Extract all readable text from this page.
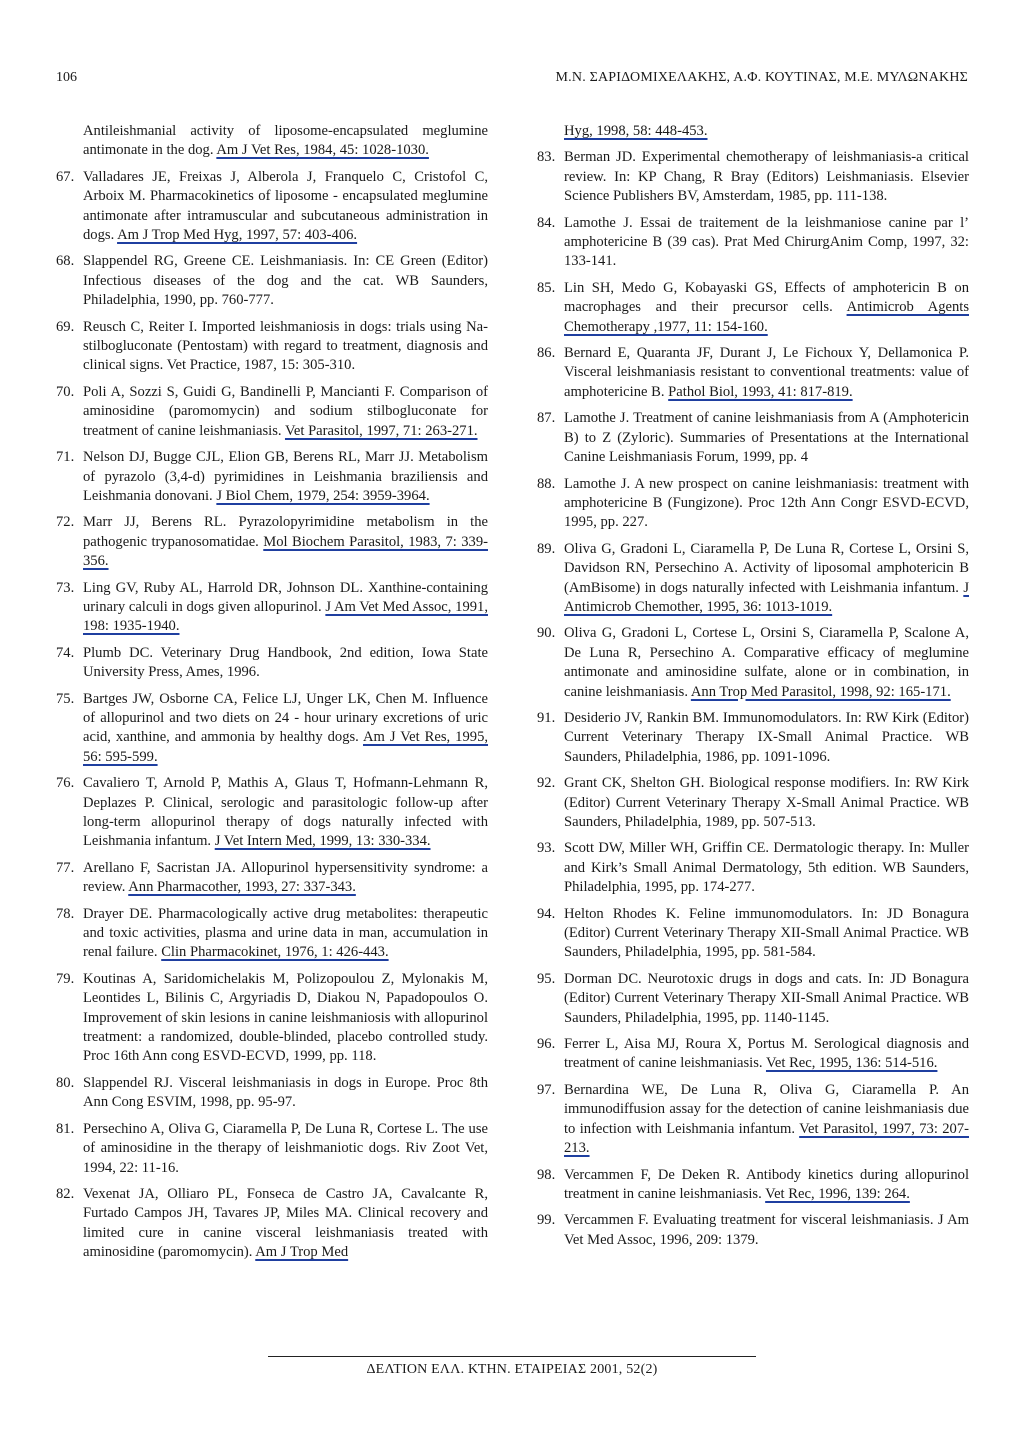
106	Μ.Ν. ΣΑΡΙΔΟΜΙΧΕΛΑΚΗΣ, Α.Φ. ΚΟΥΤΙΝΑΣ, Μ.Ε. ΜΥΛΩΝΑΚΗΣ

Antileishmanial activity of liposome-encapsulated meglumine antimonate in the dog. Am J Vet Res, 1984, 45: 1028-1030.

67. Valladares JE, Freixas J, Alberola J, Franquelo C, Cristofol C, Arboix M. Pharmacokinetics of liposome - encapsulated meglumine antimonate after intramuscular and subcutaneous administration in dogs. Am J Trop Med Hyg, 1997, 57: 403-406.

68. Slappendel RG, Greene CE. Leishmaniasis. In: CE Green (Editor) Infectious diseases of the dog and the cat. WB Saunders, Philadelphia, 1990, pp. 760-777.

69. Reusch C, Reiter I. Imported leishmaniosis in dogs: trials using Na-stilbogluconate (Pentostam) with regard to treatment, diagnosis and clinical signs. Vet Practice, 1987, 15: 305-310.

70. Poli A, Sozzi S, Guidi G, Bandinelli P, Mancianti F. Comparison of aminosidine (paromomycin) and sodium stilbogluconate for treatment of canine leishmaniasis. Vet Parasitol, 1997, 71: 263-271.

71. Nelson DJ, Bugge CJL, Elion GB, Berens RL, Marr JJ. Metabolism of pyrazolo (3,4-d) pyrimidines in Leishmania braziliensis and Leishmania donovani. J Biol Chem, 1979, 254: 3959-3964.

72. Marr JJ, Berens RL. Pyrazolopyrimidine metabolism in the pathogenic trypanosomatidae. Mol Biochem Parasitol, 1983, 7: 339-356.

73. Ling GV, Ruby AL, Harrold DR, Johnson DL. Xanthine-containing urinary calculi in dogs given allopurinol. J Am Vet Med Assoc, 1991, 198: 1935-1940.

74. Plumb DC. Veterinary Drug Handbook, 2nd edition, Iowa State University Press, Ames, 1996.

75. Bartges JW, Osborne CA, Felice LJ, Unger LK, Chen M. Influence of allopurinol and two diets on 24 - hour urinary excretions of uric acid, xanthine, and ammonia by healthy dogs. Am J Vet Res, 1995, 56: 595-599.

76. Cavaliero T, Arnold P, Mathis A, Glaus T, Hofmann-Lehmann R, Deplazes P. Clinical, serologic and parasitologic follow-up after long-term allopurinol therapy of dogs naturally infected with Leishmania infantum. J Vet Intern Med, 1999, 13: 330-334.

77. Arellano F, Sacristan JA. Allopurinol hypersensitivity syndrome: a review. Ann Pharmacother, 1993, 27: 337-343.

78. Drayer DE. Pharmacologically active drug metabolites: therapeutic and toxic activities, plasma and urine data in man, accumulation in renal failure. Clin Pharmacokinet, 1976, 1: 426-443.

79. Koutinas A, Saridomichelakis M, Polizopoulou Z, Mylonakis M, Leontides L, Bilinis C, Argyriadis D, Diakou N, Papadopoulos O. Improvement of skin lesions in canine leishmaniosis with allopurinol treatment: a randomized, double-blinded, placebo controlled study. Proc 16th Ann cong ESVD-ECVD, 1999, pp. 118.

80. Slappendel RJ. Visceral leishmaniasis in dogs in Europe. Proc 8th Ann Cong ESVIM, 1998, pp. 95-97.

81. Persechino A, Oliva G, Ciaramella P, De Luna R, Cortese L. The use of aminosidine in the therapy of leishmaniotic dogs. Riv Zoot Vet, 1994, 22: 11-16.

82. Vexenat JA, Olliaro PL, Fonseca de Castro JA, Cavalcante R, Furtado Campos JH, Tavares JP, Miles MA. Clinical recovery and limited cure in canine visceral leishmaniasis treated with aminosidine (paromomycin). Am J Trop Med

Hyg, 1998, 58: 448-453.

83. Berman JD. Experimental chemotherapy of leishmaniasis-a critical review. In: KP Chang, R Bray (Editors) Leishmaniasis. Elsevier Science Publishers BV, Amsterdam, 1985, pp. 111-138.

84. Lamothe J. Essai de traitement de la leishmaniose canine par l’ amphotericine B (39 cas). Prat Med ChirurgAnim Comp, 1997, 32: 133-141.

85. Lin SH, Medo G, Kobayaski GS, Effects of amphotericin B on macrophages and their precursor cells. Antimicrob Agents Chemotherapy ,1977, 11: 154-160.

86. Bernard E, Quaranta JF, Durant J, Le Fichoux Y, Dellamonica P. Visceral leishmaniasis resistant to conventional treatments: value of amphotericine B. Pathol Biol, 1993, 41: 817-819.

87. Lamothe J. Treatment of canine leishmaniasis from A (Amphotericin B) to Z (Zyloric). Summaries of Presentations at the International Canine Leishmaniasis Forum, 1999, pp. 4

88. Lamothe J. A new prospect on canine leishmaniasis: treatment with amphotericine B (Fungizone). Proc 12th Ann Congr ESVD-ECVD, 1995, pp. 227.

89. Oliva G, Gradoni L, Ciaramella P, De Luna R, Cortese L, Orsini S, Davidson RN, Persechino A. Activity of liposomal amphotericin B (AmBisome) in dogs naturally infected with Leishmania infantum. J Antimicrob Chemother, 1995, 36: 1013-1019.

90. Oliva G, Gradoni L, Cortese L, Orsini S, Ciaramella P, Scalone A, De Luna R, Persechino A. Comparative efficacy of meglumine antimonate and aminosidine sulfate, alone or in combination, in canine leishmaniasis. Ann Trop Med Parasitol, 1998, 92: 165-171.

91. Desiderio JV, Rankin BM. Immunomodulators. In: RW Kirk (Editor) Current Veterinary Therapy IX-Small Animal Practice. WB Saunders, Philadelphia, 1986, pp. 1091-1096.

92. Grant CK, Shelton GH. Biological response modifiers. In: RW Kirk (Editor) Current Veterinary Therapy X-Small Animal Practice. WB Saunders, Philadelphia, 1989, pp. 507-513.

93. Scott DW, Miller WH, Griffin CE. Dermatologic therapy. In: Muller and Kirk’s Small Animal Dermatology, 5th edition. WB Saunders, Philadelphia, 1995, pp. 174-277.

94. Helton Rhodes K. Feline immunomodulators. In: JD Bonagura (Editor) Current Veterinary Therapy XII-Small Animal Practice. WB Saunders, Philadelphia, 1995, pp. 581-584.

95. Dorman DC. Neurotoxic drugs in dogs and cats. In: JD Bonagura (Editor) Current Veterinary Therapy XII-Small Animal Practice. WB Saunders, Philadelphia, 1995, pp. 1140-1145.

96. Ferrer L, Aisa MJ, Roura X, Portus M. Serological diagnosis and treatment of canine leishmaniasis. Vet Rec, 1995, 136: 514-516.

97. Bernardina WE, De Luna R, Oliva G, Ciaramella P. An immunodiffusion assay for the detection of canine leishmaniasis due to infection with Leishmania infantum. Vet Parasitol, 1997, 73: 207-213.

98. Vercammen F, De Deken R. Antibody kinetics during allopurinol treatment in canine leishmaniasis. Vet Rec, 1996, 139: 264.

99. Vercammen F. Evaluating treatment for visceral leishmaniasis. J Am Vet Med Assoc, 1996, 209: 1379.

ΔΕΛΤΙΟΝ ΕΛΛ. ΚΤΗΝ. ΕΤΑΙΡΕΙΑΣ 2001, 52(2)
